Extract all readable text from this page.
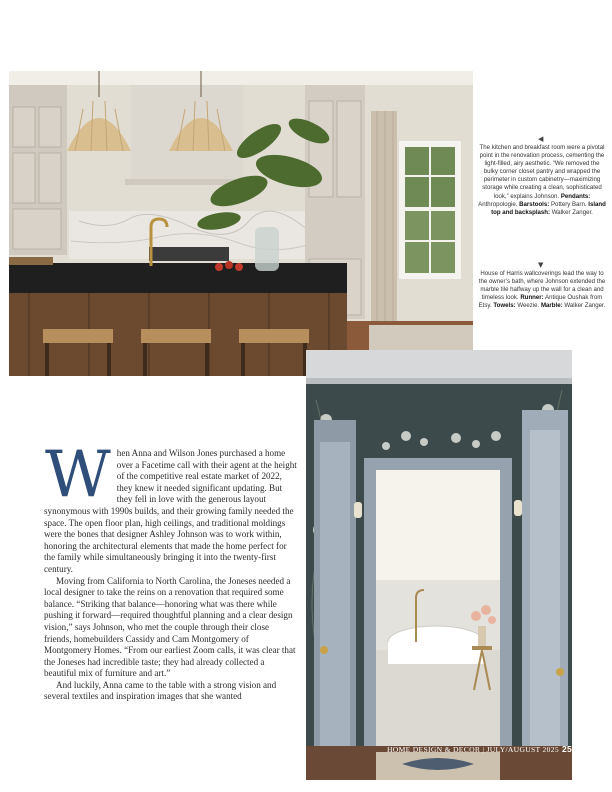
◀
The kitchen and breakfast room were a pivotal point in the renovation process, cementing the light-filled, airy aesthetic. “We removed the bulky corner closet pantry and wrapped the perimeter in custom cabinetry—maximizing storage while creating a clean, sophisticated look,” explains Johnson. Pendants: Anthropologie. Barstools: Pottery Barn. Island top and backsplash: Walker Zanger.
▼
House of Harris wallcoverings lead the way to the owner’s bath, where Johnson extended the marble tile halfway up the wall for a clean and timeless look. Runner: Antique Oushak from Etsy. Towels: Weezie. Marble: Walker Zanger.

When Anna and Wilson Jones purchased a home over a Facetime call with their agent at the height of the competitive real estate market of 2022, they knew it needed significant updating. But they fell in love with the generous layout synonymous with 1990s builds, and their growing family needed the space. The open floor plan, high ceilings, and traditional moldings were the bones that designer Ashley Johnson was to work within, honoring the architectural elements that made the home perfect for the family while simultaneously bringing it into the twenty-first century.

Moving from California to North Carolina, the Joneses needed a local designer to take the reins on a renovation that required some balance. “Striking that balance—honoring what was there while pushing it forward—required thoughtful planning and a clear design vision,” says Johnson, who met the couple through their close friends, homebuilders Cassidy and Cam Montgomery of Montgomery Homes. “From our earliest Zoom calls, it was clear that the Joneses had incredible taste; they had already collected a beautiful mix of furniture and art.”

And luckily, Anna came to the table with a strong vision and several textiles and inspiration images that she wanted

HOME DESIGN & DECOR | JULY/AUGUST 2025 25
